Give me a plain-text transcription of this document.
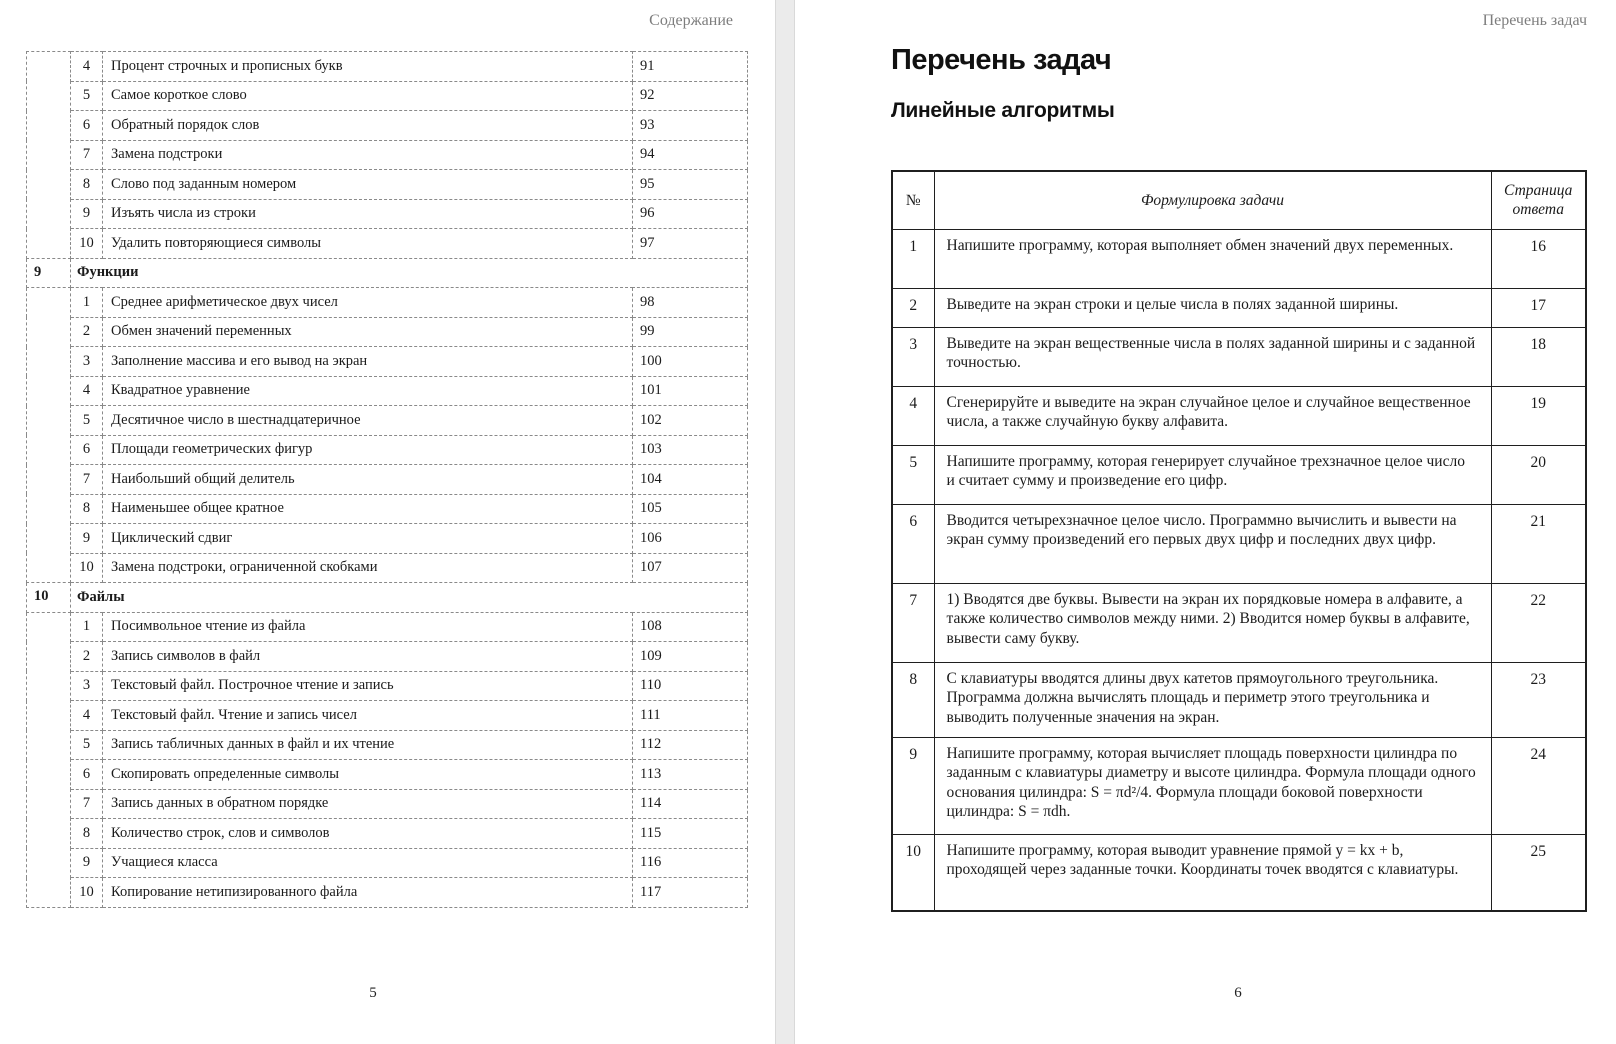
Содержание
	4	Процент строчных и прописных букв	91
	5	Самое короткое слово	92
	6	Обратный порядок слов	93
	7	Замена подстроки	94
	8	Слово под заданным номером	95
	9	Изъять числа из строки	96
	10	Удалить повторяющиеся символы	97
9	Функции		
	1	Среднее арифметическое двух чисел	98
	2	Обмен значений переменных	99
	3	Заполнение массива и его вывод на экран	100
	4	Квадратное уравнение	101
	5	Десятичное число в шестнадцатеричное	102
	6	Площади геометрических фигур	103
	7	Наибольший общий делитель	104
	8	Наименьшее общее кратное	105
	9	Циклический сдвиг	106
	10	Замена подстроки, ограниченной скобками	107
10	Файлы		
	1	Посимвольное чтение из файла	108
	2	Запись символов в файл	109
	3	Текстовый файл. Построчное чтение и запись	110
	4	Текстовый файл. Чтение и запись чисел	111
	5	Запись табличных данных в файл и их чтение	112
	6	Скопировать определенные символы	113
	7	Запись данных в обратном порядке	114
	8	Количество строк, слов и символов	115
	9	Учащиеся класса	116
	10	Копирование нетипизированного файла	117
5
Перечень задач
Перечень задач
Линейные алгоритмы
№	Формулировка задачи	Страница ответа
1	Напишите программу, которая выполняет обмен значений двух переменных.	16
2	Выведите на экран строки и целые числа в полях заданной ширины.	17
3	Выведите на экран вещественные числа в полях заданной ширины и с заданной точностью.	18
4	Сгенерируйте и выведите на экран случайное целое и случайное вещественное числа, а также случайную букву алфавита.	19
5	Напишите программу, которая генерирует случайное трехзначное целое число и считает сумму и произведение его цифр.	20
6	Вводится четырехзначное целое число. Программно вычислить и вывести на экран сумму произведений его первых двух цифр и последних двух цифр.	21
7	1) Вводятся две буквы. Вывести на экран их порядковые номера в алфавите, а также количество символов между ними. 2) Вводится номер буквы в алфавите, вывести саму букву.	22
8	С клавиатуры вводятся длины двух катетов прямоугольного треугольника. Программа должна вычислять площадь и периметр этого треугольника и выводить полученные значения на экран.	23
9	Напишите программу, которая вычисляет площадь поверхности цилиндра по заданным с клавиатуры диаметру и высоте цилиндра. Формула площади одного основания цилиндра: S = πd²/4. Формула площади боковой поверхности цилиндра: S = πdh.	24
10	Напишите программу, которая выводит уравнение прямой y = kx + b, проходящей через заданные точки. Координаты точек вводятся с клавиатуры.	25
6
